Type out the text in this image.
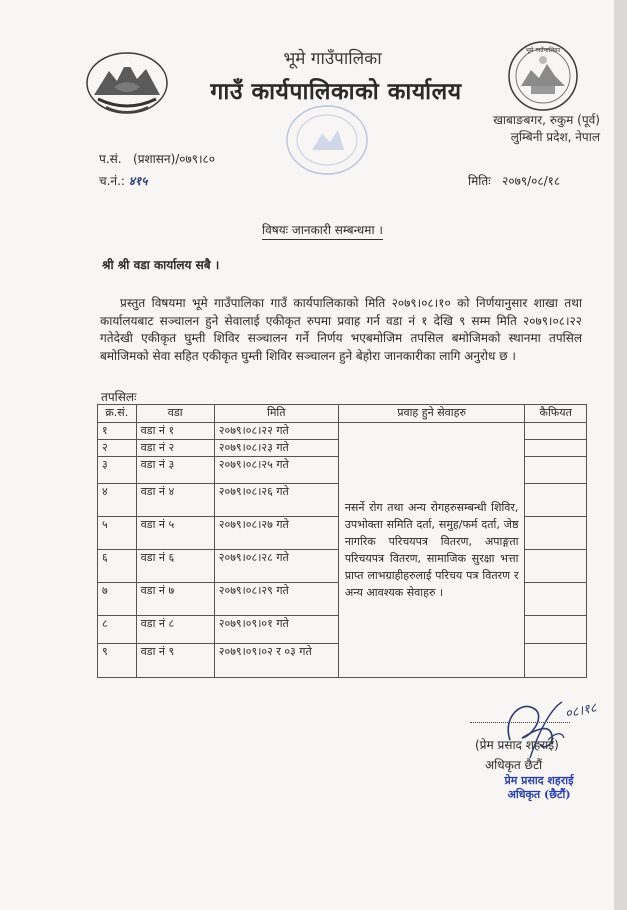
भूमे गाउँपालिका
गाउँ कार्यपालिकाको कार्यालय
भूमे गाउँपालिका
खाबाङबगर, रुकुम (पूर्व)
लुम्बिनी प्रदेश, नेपाल
प.सं. (प्रशासन)/०७९।८०
च.नं.: ४१५	मितिः २०७९/०८/१८
विषयः जानकारी सम्बन्धमा ।
श्री श्री वडा कार्यालय सबै ।
प्रस्तुत विषयमा भूमे गाउँपालिका गाउँ कार्यपालिकाको मिति २०७९।०८।१० को निर्णयानुसार शाखा तथा कार्यालयबाट सञ्चालन हुने सेवालाई एकीकृत रुपमा प्रवाह गर्न वडा नं १ देखि ९ सम्म मिति २०७९।०८।२२ गतेदेखी एकीकृत घुम्ती शिविर सञ्चालन गर्ने निर्णय भएबमोजिम तपसिल बमोजिमको स्थानमा तपसिल बमोजिमको सेवा सहित एकीकृत घुम्ती शिविर सञ्चालन हुने बेहोरा जानकारीका लागि अनुरोध छ ।
तपसिलः
क्र.सं.	वडा	मिति	प्रवाह हुने सेवाहरु	कैफियत
१	वडा नं १	२०७९।०८।२२ गते	नसर्ने रोग तथा अन्य रोगहरुसम्बन्धी शिविर, उपभोक्ता समिति दर्ता, समुह/फर्म दर्ता, जेष्ठ नागरिक परिचयपत्र वितरण, अपाङ्गता परिचयपत्र वितरण, सामाजिक सुरक्षा भत्ता प्राप्त लाभग्राहीहरुलाई परिचय पत्र वितरण र अन्य आवश्यक सेवाहरु ।	
२	वडा नं २	२०७९।०८।२३ गते		
३	वडा नं ३	२०७९।०८।२५ गते		
४	वडा नं ४	२०७९।०८।२६ गते		
५	वडा नं ५	२०७९।०८।२७ गते		
६	वडा नं ६	२०७९।०८।२८ गते		
७	वडा नं ७	२०७९।०८।२९ गते		
८	वडा नं ८	२०७९।०९।०१ गते		
९	वडा नं ९	२०७९।०९।०२ र ०३ गते		
०८।१८
(प्रेम प्रसाद शहराई)
अधिकृत छैटौं
प्रेम प्रसाद शहराई
अधिकृत (छैटौं)
